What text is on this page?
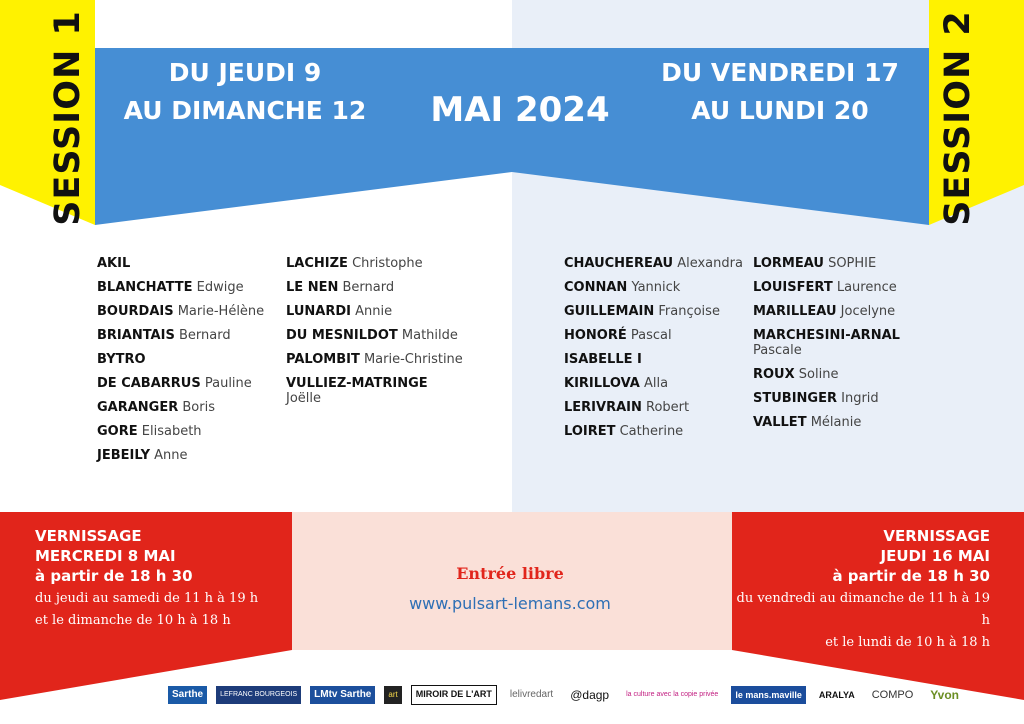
SESSION 1	SESSION 2
DU JEUDI 9
AU DIMANCHE 12	MAI 2024
DU VENDREDI 17
AU LUNDI 20
AKIL
BLANCHATTE Edwige
BOURDAIS Marie-Hélène
BRIANTAIS Bernard
BYTRO
DE CABARRUS Pauline
GARANGER Boris
GORE Elisabeth
JEBEILY Anne
LACHIZE Christophe
LE NEN Bernard
LUNARDI Annie
DU MESNILDOT Mathilde
PALOMBIT Marie-Christine
VULLIEZ-MATRINGE
Joëlle
CHAUCHEREAU Alexandra
CONNAN Yannick
GUILLEMAIN Françoise
HONORÉ Pascal
ISABELLE I
KIRILLOVA Alla
LERIVRAIN Robert
LOIRET Catherine
LORMEAU SOPHIE
LOUISFERT Laurence
MARILLEAU Jocelyne
MARCHESINI-ARNAL
Pascale
ROUX Soline
STUBINGER Ingrid
VALLET Mélanie
VERNISSAGE
MERCREDI 8 MAI
à partir de 18 h 30
du jeudi au samedi de 11 h à 19 h
et le dimanche de 10 h à 18 h
VERNISSAGE
JEUDI 16 MAI
à partir de 18 h 30
du vendredi au dimanche de 11 h à 19 h
et le lundi de 10 h à 18 h
Entrée libre
www.pulsart-lemans.com
Sarthe	LEFRANC BOURGEOIS	LMtv Sarthe	art	MIROIR DE L'ART	lelivredart	@dagp	la culture avec la copie privée	le mans.maville	ARALYA	COMPO	Yvon
